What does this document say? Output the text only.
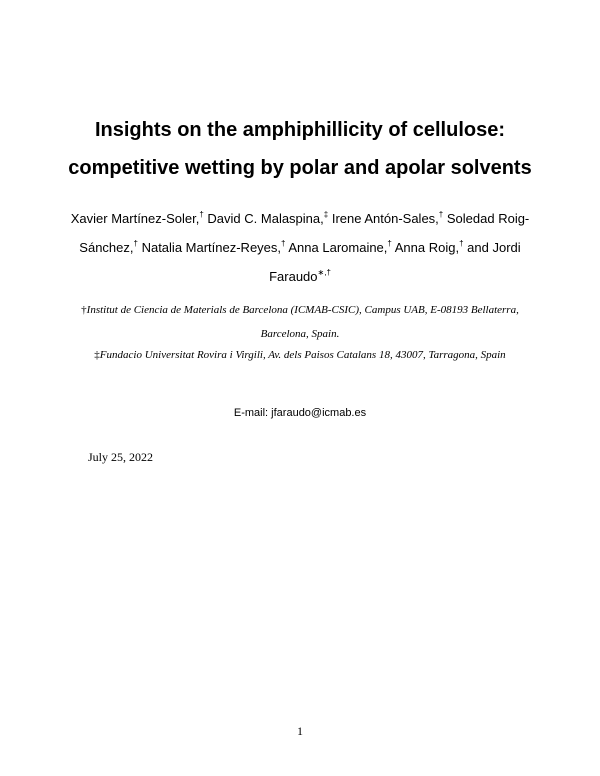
Insights on the amphiphillicity of cellulose:
competitive wetting by polar and apolar solvents

Xavier Martínez-Soler,† David C. Malaspina,‡ Irene Antón-Sales,† Soledad Roig-Sánchez,† Natalia Martínez-Reyes,† Anna Laromaine,† Anna Roig,† and Jordi Faraudo∗,†

†Institut de Ciencia de Materials de Barcelona (ICMAB-CSIC), Campus UAB, E-08193 Bellaterra, Barcelona, Spain.

‡Fundacio Universitat Rovira i Virgili, Av. dels Paisos Catalans 18, 43007, Tarragona, Spain

E-mail: jfaraudo@icmab.es

July 25, 2022

1
